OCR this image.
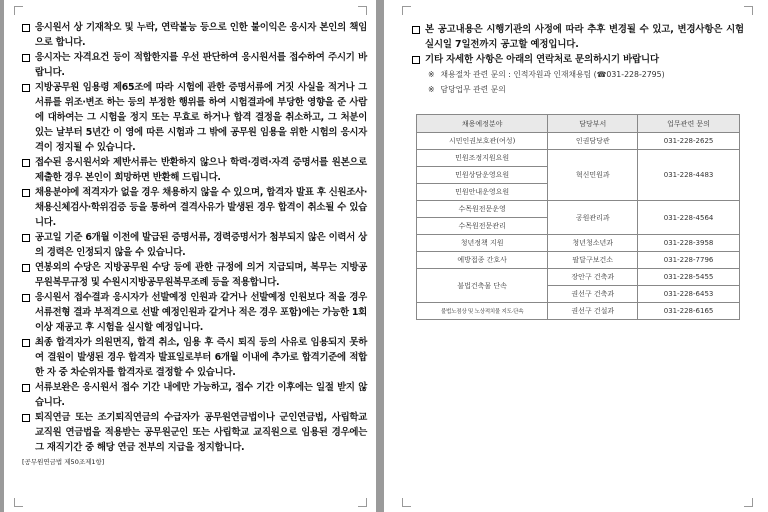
응시원서 상 기재착오 및 누락, 연락불능 등으로 인한 불이익은 응시자 본인의 책임으로 합니다.
응시자는 자격요건 등이 적합한지를 우선 판단하여 응시원서를 접수하여 주시기 바랍니다.
지방공무원 임용령 제65조에 따라 시험에 관한 증명서류에 거짓 사실을 적거나 그 서류를 위조‧변조 하는 등의 부정한 행위를 하여 시험결과에 부당한 영향을 준 사람에 대하여는 그 시험을 정지 또는 무효로 하거나 합격 결정을 취소하고, 그 처분이 있는 날부터 5년간 이 영에 따른 시험과 그 밖에 공무원 임용을 위한 시험의 응시자격이 정지될 수 있습니다.
접수된 응시원서와 제반서류는 반환하지 않으나 학력‧경력‧자격 증명서를 원본으로 제출한 경우 본인이 희망하면 반환해 드립니다.
채용분야에 적격자가 없을 경우 채용하지 않을 수 있으며, 합격자 발표 후 신원조사‧채용신체검사‧학위검증 등을 통하여 결격사유가 발생된 경우 합격이 취소될 수 있습니다.
공고일 기준 6개월 이전에 발급된 증명서류, 경력증명서가 첨부되지 않은 이력서 상의 경력은 인정되지 않을 수 있습니다.
연봉외의 수당은 지방공무원 수당 등에 관한 규정에 의거 지급되며, 복무는 지방공무원복무규정 및 수원시지방공무원복무조례 등을 적용합니다.
응시원서 접수결과 응시자가 선발예정 인원과 같거나 선발예정 인원보다 적을 경우서류전형 결과 부적격으로 선발 예정인원과 같거나 적은 경우 포함)에는 가능한 1회 이상 재공고 후 시험을 실시할 예정입니다.
최종 합격자가 의원면직, 합격 취소, 임용 후 즉시 퇴직 등의 사유로 임용되지 못하여 결원이 발생된 경우 합격자 발표일로부터 6개월 이내에 추가로 합격기준에 적합한 자 중 차순위자를 합격자로 결정할 수 있습니다.
서류보완은 응시원서 접수 기간 내에만 가능하고, 접수 기간 이후에는 일절 받지 않습니다.
퇴직연금 또는 조기퇴직연금의 수급자가 공무원연금법이나 군인연금법, 사립학교 교직원 연금법을 적용받는 공무원군인 또는 사립학교 교직원으로 임용된 경우에는 그 재직기간 중 해당 연금 전부의 지급을 정지합니다.
[공무원연금법 제50조제1항]
본 공고내용은 시행기관의 사정에 따라 추후 변경될 수 있고, 변경사항은 시험 실시일 7일전까지 공고할 예정입니다.
기타 자세한 사항은 아래의 연락처로 문의하시기 바랍니다
※ 채용절차 관련 문의 : 인적자원과 인재채용팀 (☎031-228-2795)
※ 담당업무 관련 문의
채용예정분야	담당부서	업무관련 문의
시민인권보호관(여성)	인권담당관	031-228-2625
민원조정지원요원	혁신민원과	031-228-4483
민원상담운영요원		
민원안내운영요원		
수목원전문운영	공원관리과	031-228-4564
수목원전문관리		
청년정책 지원	청년청소년과	031-228-3958
예방접종 간호사	팔달구보건소	031-228-7796
불법건축물 단속	장안구 건축과	031-228-5455
	권선구 건축과	031-228-6453
불법노점상 및 노상적치물 지도‧단속	권선구 건설과	031-228-6165
